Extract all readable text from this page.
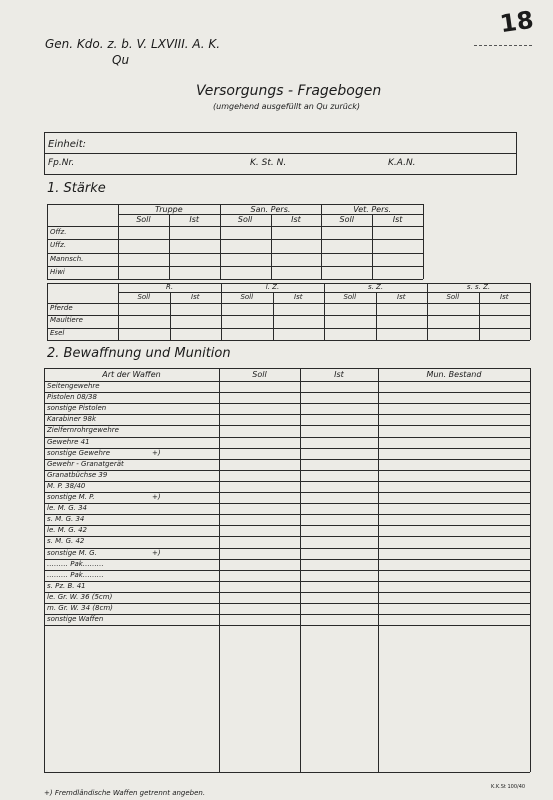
Gen. Kdo. z. b. V. LXVIII. A. K.
Qu
18
Versorgungs - Fragebogen
(umgehend ausgefüllt an Qu zurück)
Einheit:
Fp.Nr.	K. St. N.	K.A.N.
1. Stärke
Truppe
Soll	Ist
San. Pers.
Soll	Ist
Vet. Pers.
Soll	Ist
Offz.
Uffz.
Mannsch.
Hiwi
R.
Soll	Ist
l. Z.
Soll	Ist
s. Z.
Soll	Ist
s. s. Z.
Soll	Ist
Pferde
Maultiere
Esel
2. Bewaffnung und Munition
Art der Waffen	Soll	Ist	Mun. Bestand
Seitengewehre
Pistolen 08/38
sonstige Pistolen
Karabiner 98k
Zielfernrohrgewehre
Gewehre 41
sonstige Gewehre	+)
Gewehr - Granatgerät
Granatbüchse 39
M. P. 38/40
sonstige M. P.	+)
le. M. G. 34
s. M. G. 34
le. M. G. 42
s. M. G. 42
sonstige M. G.	+)
……… Pak………
……… Pak………
s. Pz. B. 41
le. Gr. W. 36 (5cm)
m. Gr. W. 34 (8cm)
sonstige Waffen
+) Fremdländische Waffen getrennt angeben.
K.K.St 100/40
